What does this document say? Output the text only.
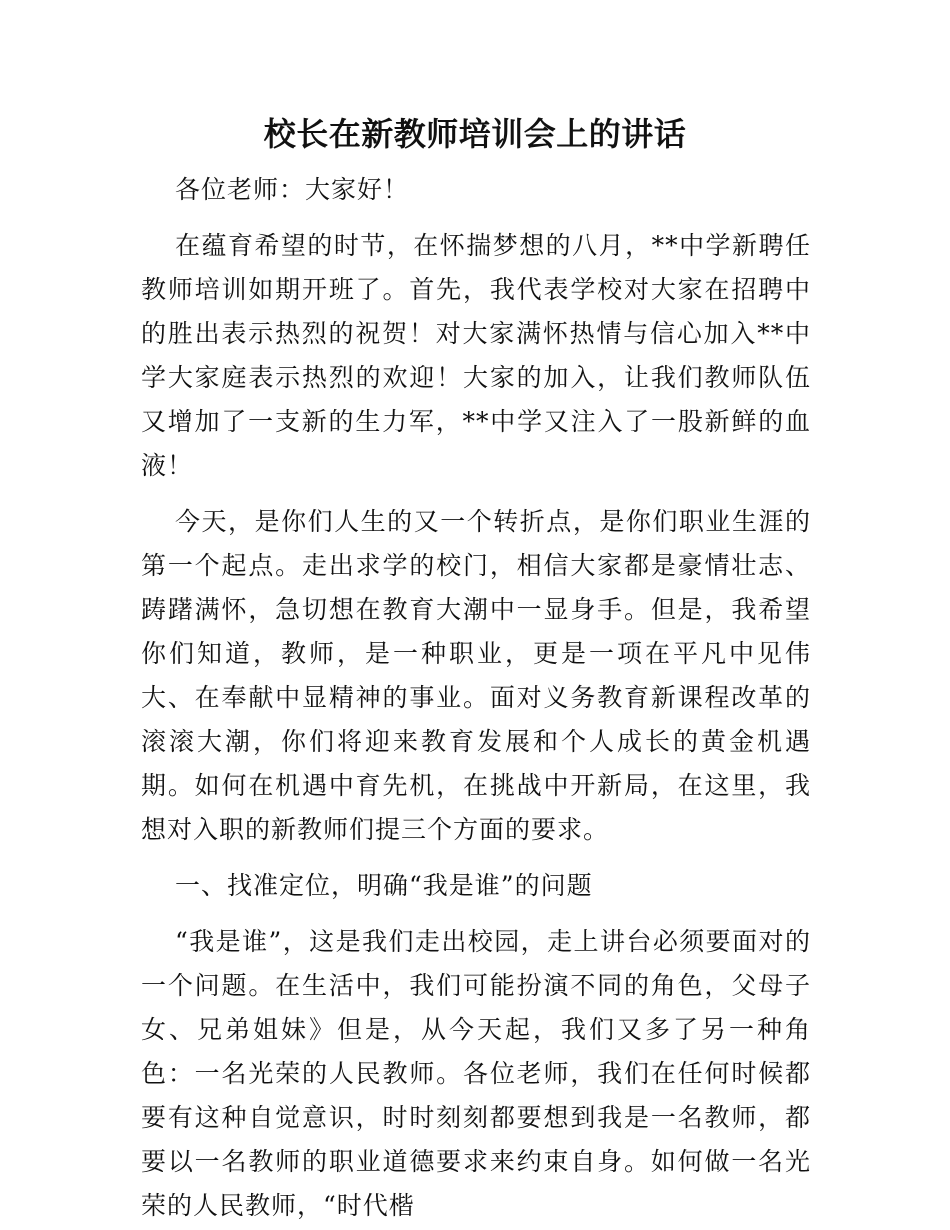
校长在新教师培训会上的讲话

各位老师：大家好！

在蕴育希望的时节，在怀揣梦想的八月，**中学新聘任教师培训如期开班了。首先，我代表学校对大家在招聘中的胜出表示热烈的祝贺！对大家满怀热情与信心加入**中学大家庭表示热烈的欢迎！大家的加入，让我们教师队伍又增加了一支新的生力军，**中学又注入了一股新鲜的血液！

今天，是你们人生的又一个转折点，是你们职业生涯的第一个起点。走出求学的校门，相信大家都是豪情壮志、踌躇满怀，急切想在教育大潮中一显身手。但是，我希望你们知道，教师，是一种职业，更是一项在平凡中见伟大、在奉献中显精神的事业。面对义务教育新课程改革的滚滚大潮，你们将迎来教育发展和个人成长的黄金机遇期。如何在机遇中育先机，在挑战中开新局，在这里，我想对入职的新教师们提三个方面的要求。

一、找准定位，明确“我是谁”的问题

“我是谁”，这是我们走出校园，走上讲台必须要面对的一个问题。在生活中，我们可能扮演不同的角色，父母子女、兄弟姐妹》但是，从今天起，我们又多了另一种角色：一名光荣的人民教师。各位老师，我们在任何时候都要有这种自觉意识，时时刻刻都要想到我是一名教师，都要以一名教师的职业道德要求来约束自身。如何做一名光荣的人民教师，“时代楷
